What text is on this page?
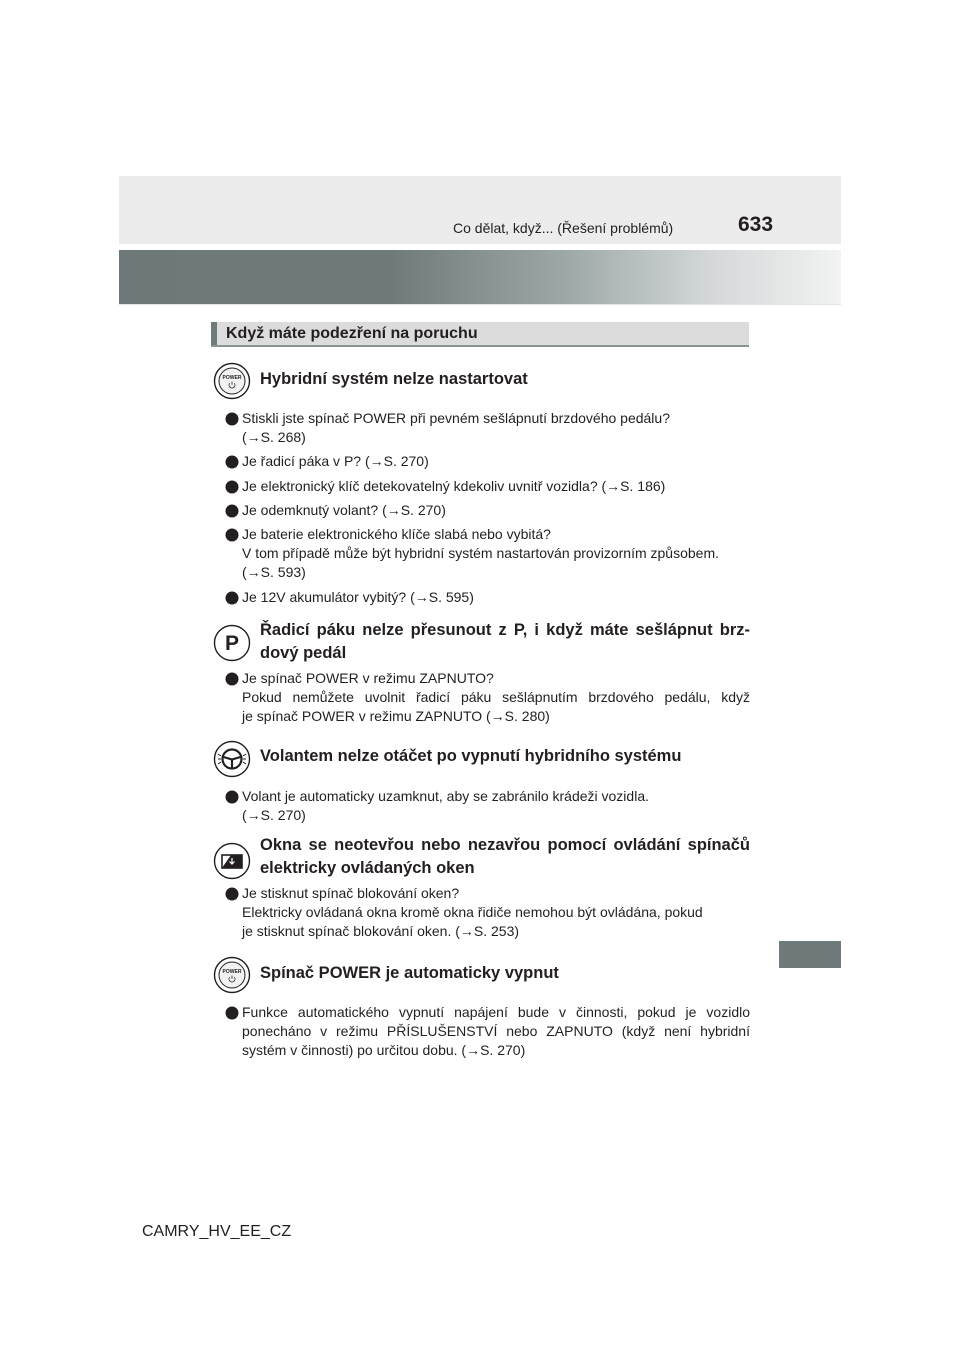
Co dělat, když... (Řešení problémů)	633
Když máte podezření na poruchu
POWER Hybridní systém nelze nastartovat
Stiskli jste spínač POWER při pevném sešlápnutí brzdového pedálu?
(→S. 268)
Je řadicí páka v P? (→S. 270)
Je elektronický klíč detekovatelný kdekoliv uvnitř vozidla? (→S. 186)
Je odemknutý volant? (→S. 270)
Je baterie elektronického klíče slabá nebo vybitá?
V tom případě může být hybridní systém nastartován provizorním způsobem.
(→S. 593)
Je 12V akumulátor vybitý? (→S. 595)
P
Řadicí páku nelze přesunout z P, i když máte sešlápnut brz-
dový pedál
Je spínač POWER v režimu ZAPNUTO?
Pokud nemůžete uvolnit řadicí páku sešlápnutím brzdového pedálu, když
je spínač POWER v režimu ZAPNUTO (→S. 280)
Volantem nelze otáčet po vypnutí hybridního systému
Volant je automaticky uzamknut, aby se zabránilo krádeži vozidla.
(→S. 270)
Okna se neotevřou nebo nezavřou pomocí ovládání spínačů
elektricky ovládaných oken
Je stisknut spínač blokování oken?
Elektricky ovládaná okna kromě okna řidiče nemohou být ovládána, pokud
je stisknut spínač blokování oken. (→S. 253)
POWER Spínač POWER je automaticky vypnut
Funkce automatického vypnutí napájení bude v činnosti, pokud je vozidlo
ponecháno v režimu PŘÍSLUŠENSTVÍ nebo ZAPNUTO (když není hybridní
systém v činnosti) po určitou dobu. (→S. 270)
CAMRY_HV_EE_CZ
